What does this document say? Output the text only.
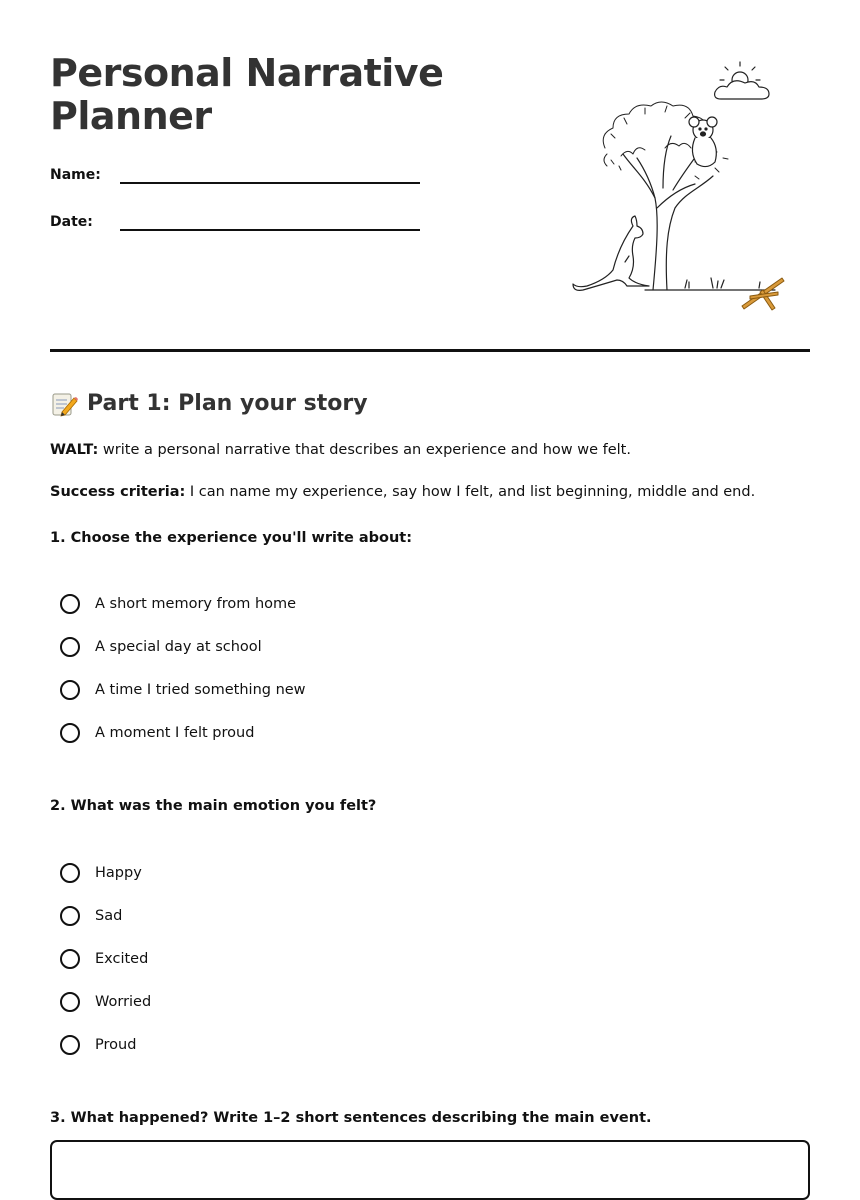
Personal Narrative Planner
Name:
Date:
Part 1: Plan your story

WALT: write a personal narrative that describes an experience and how we felt.

Success criteria: I can name my experience, say how I felt, and list beginning, middle and end.

1. Choose the experience you'll write about:
A short memory from home
A special day at school
A time I tried something new
A moment I felt proud
2. What was the main emotion you felt?
Happy
Sad
Excited
Worried
Proud
3. What happened? Write 1–2 short sentences describing the main event.
